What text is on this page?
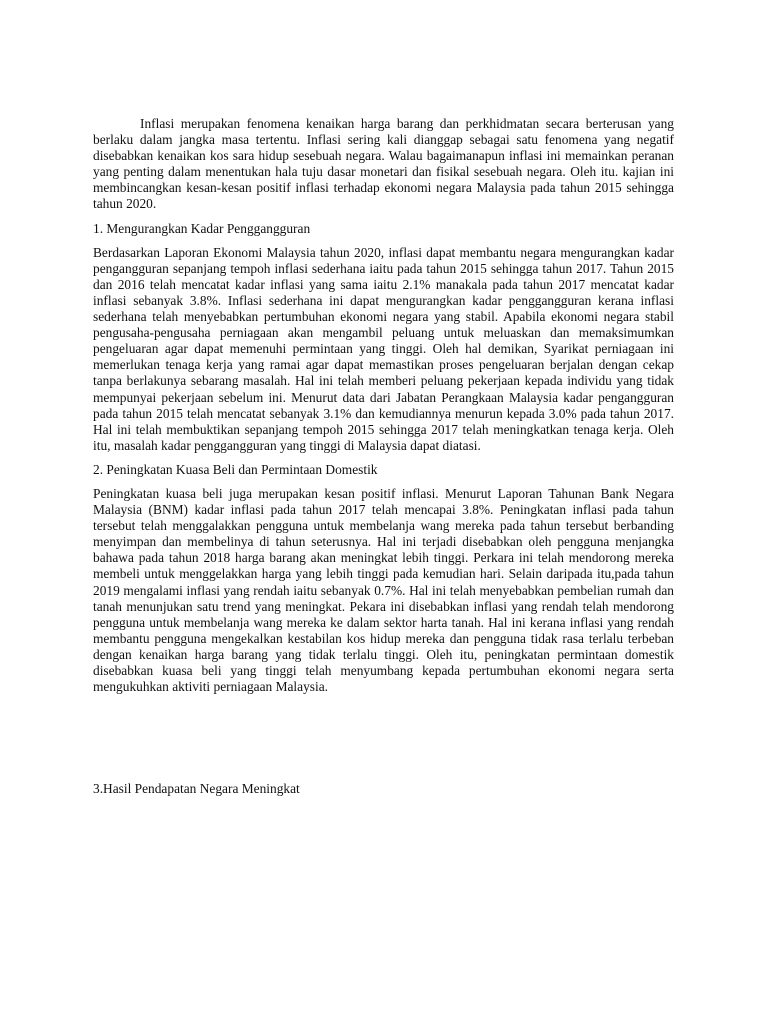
Inflasi merupakan fenomena kenaikan harga barang dan perkhidmatan secara berterusan yang berlaku dalam jangka masa tertentu. Inflasi sering kali dianggap sebagai satu fenomena yang negatif disebabkan kenaikan kos sara hidup sesebuah negara. Walau bagaimanapun inflasi ini memainkan peranan yang penting dalam menentukan hala tuju dasar monetari dan fisikal sesebuah negara. Oleh itu. kajian ini membincangkan kesan-kesan positif inflasi terhadap ekonomi negara Malaysia pada tahun 2015 sehingga tahun 2020.

1. Mengurangkan Kadar Penggangguran

Berdasarkan Laporan Ekonomi Malaysia tahun 2020, inflasi dapat membantu negara mengurangkan kadar pengangguran sepanjang tempoh inflasi sederhana iaitu pada tahun 2015 sehingga tahun 2017. Tahun 2015 dan 2016 telah mencatat kadar inflasi yang sama iaitu 2.1% manakala pada tahun 2017 mencatat kadar inflasi sebanyak 3.8%. Inflasi sederhana ini dapat mengurangkan kadar penggangguran kerana inflasi sederhana telah menyebabkan pertumbuhan ekonomi negara yang stabil. Apabila ekonomi negara stabil pengusaha-pengusaha perniagaan akan mengambil peluang untuk meluaskan dan memaksimumkan pengeluaran agar dapat memenuhi permintaan yang tinggi. Oleh hal demikan, Syarikat perniagaan ini memerlukan tenaga kerja yang ramai agar dapat memastikan proses pengeluaran berjalan dengan cekap tanpa berlakunya sebarang masalah. Hal ini telah memberi peluang pekerjaan kepada individu yang tidak mempunyai pekerjaan sebelum ini. Menurut data dari Jabatan Perangkaan Malaysia kadar pengangguran pada tahun 2015 telah mencatat sebanyak 3.1% dan kemudiannya menurun kepada 3.0% pada tahun 2017. Hal ini telah membuktikan sepanjang tempoh 2015 sehingga 2017 telah meningkatkan tenaga kerja. Oleh itu, masalah kadar penggangguran yang tinggi di Malaysia dapat diatasi.

2. Peningkatan Kuasa Beli dan Permintaan Domestik

Peningkatan kuasa beli juga merupakan kesan positif inflasi. Menurut Laporan Tahunan Bank Negara Malaysia (BNM) kadar inflasi pada tahun 2017 telah mencapai 3.8%. Peningkatan inflasi pada tahun tersebut telah menggalakkan pengguna untuk membelanja wang mereka pada tahun tersebut berbanding menyimpan dan membelinya di tahun seterusnya. Hal ini terjadi disebabkan oleh pengguna menjangka bahawa pada tahun 2018 harga barang akan meningkat lebih tinggi. Perkara ini telah mendorong mereka membeli untuk menggelakkan harga yang lebih tinggi pada kemudian hari. Selain daripada itu,pada tahun 2019 mengalami inflasi yang rendah iaitu sebanyak 0.7%. Hal ini telah menyebabkan pembelian rumah dan tanah menunjukan satu trend yang meningkat. Pekara ini disebabkan inflasi yang rendah telah mendorong pengguna untuk membelanja wang mereka ke dalam sektor harta tanah. Hal ini kerana inflasi yang rendah membantu pengguna mengekalkan kestabilan kos hidup mereka dan pengguna tidak rasa terlalu terbeban dengan kenaikan harga barang yang tidak terlalu tinggi. Oleh itu, peningkatan permintaan domestik disebabkan kuasa beli yang tinggi telah menyumbang kepada pertumbuhan ekonomi negara serta mengukuhkan aktiviti perniagaan Malaysia.

3.Hasil Pendapatan Negara Meningkat
